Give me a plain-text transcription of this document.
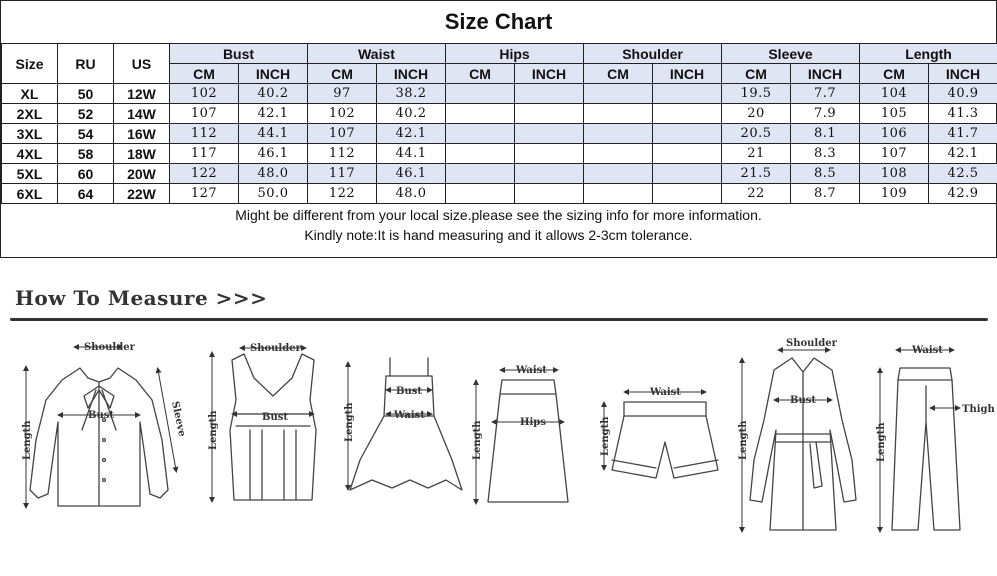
Size Chart
Size	RU	US	Bust		Waist		Hips		Shoulder		Sleeve		Length	
			CM	INCH	CM	INCH	CM	INCH	CM	INCH	CM	INCH	CM	INCH
XL	50	12W	102	40.2	97	38.2					19.5	7.7	104	40.9
2XL	52	14W	107	42.1	102	40.2					20	7.9	105	41.3
3XL	54	16W	112	44.1	107	42.1					20.5	8.1	106	41.7
4XL	58	18W	117	46.1	112	44.1					21	8.3	107	42.1
5XL	60	20W	122	48.0	117	46.1					21.5	8.5	108	42.5
6XL	64	22W	127	50.0	122	48.0					22	8.7	109	42.9
Might be different from your local size.please see the sizing info for more information.
Kindly note:It is hand measuring and it allows 2-3cm tolerance.
How To Measure >>>
Shoulder
Bust
Length
Sleeve
Shoulder
Bust
Length
Bust
Waist
Length
Waist
Hips
Length
Waist
Length
Shoulder
Bust
Length
Waist
Thigh
Length
